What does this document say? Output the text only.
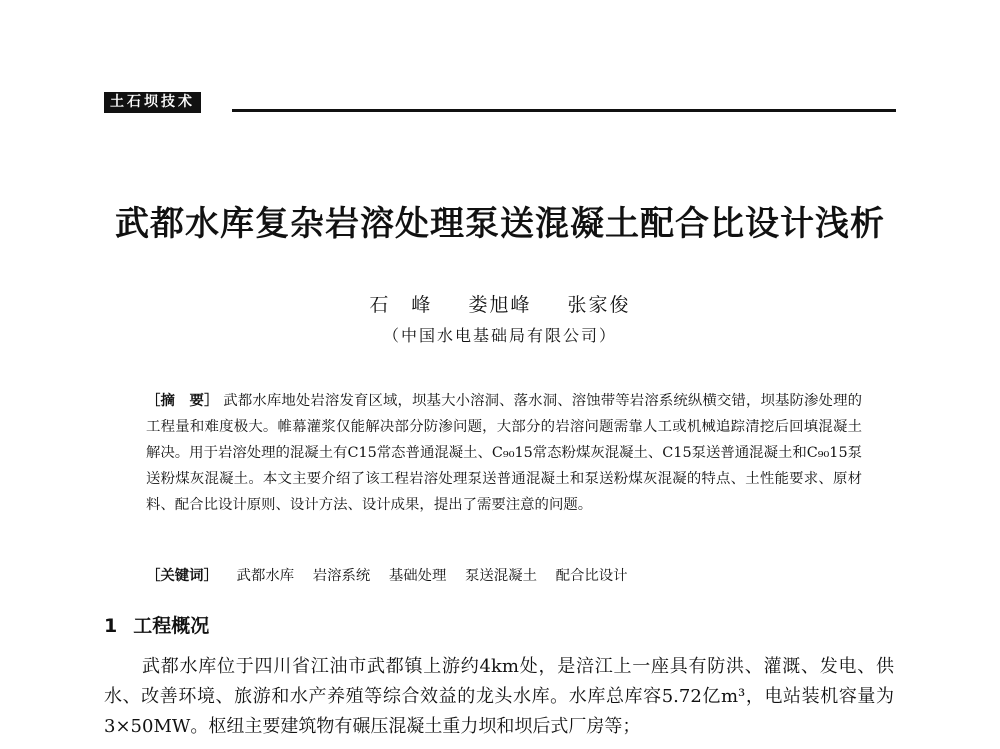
土石坝技术
武都水库复杂岩溶处理泵送混凝土配合比设计浅析
石　峰 娄旭峰 张家俊
（中国水电基础局有限公司）
［摘　要］ 武都水库地处岩溶发育区域，坝基大小溶洞、落水洞、溶蚀带等岩溶系统纵横交错，坝基防渗处理的工程量和难度极大。帷幕灌浆仅能解决部分防渗问题，大部分的岩溶问题需靠人工或机械追踪清挖后回填混凝土解决。用于岩溶处理的混凝土有C15常态普通混凝土、C₉₀15常态粉煤灰混凝土、C15泵送普通混凝土和C₉₀15泵送粉煤灰混凝土。本文主要介绍了该工程岩溶处理泵送普通混凝土和泵送粉煤灰混凝的特点、土性能要求、原材料、配合比设计原则、设计方法、设计成果，提出了需要注意的问题。
［关键词］ 武都水库 岩溶系统 基础处理 泵送混凝土 配合比设计
1 工程概况
武都水库位于四川省江油市武都镇上游约4km处，是涪江上一座具有防洪、灌溉、发电、供水、改善环境、旅游和水产养殖等综合效益的龙头水库。水库总库容5.72亿m³，电站装机容量为3×50MW。枢纽主要建筑物有碾压混凝土重力坝和坝后式厂房等；
